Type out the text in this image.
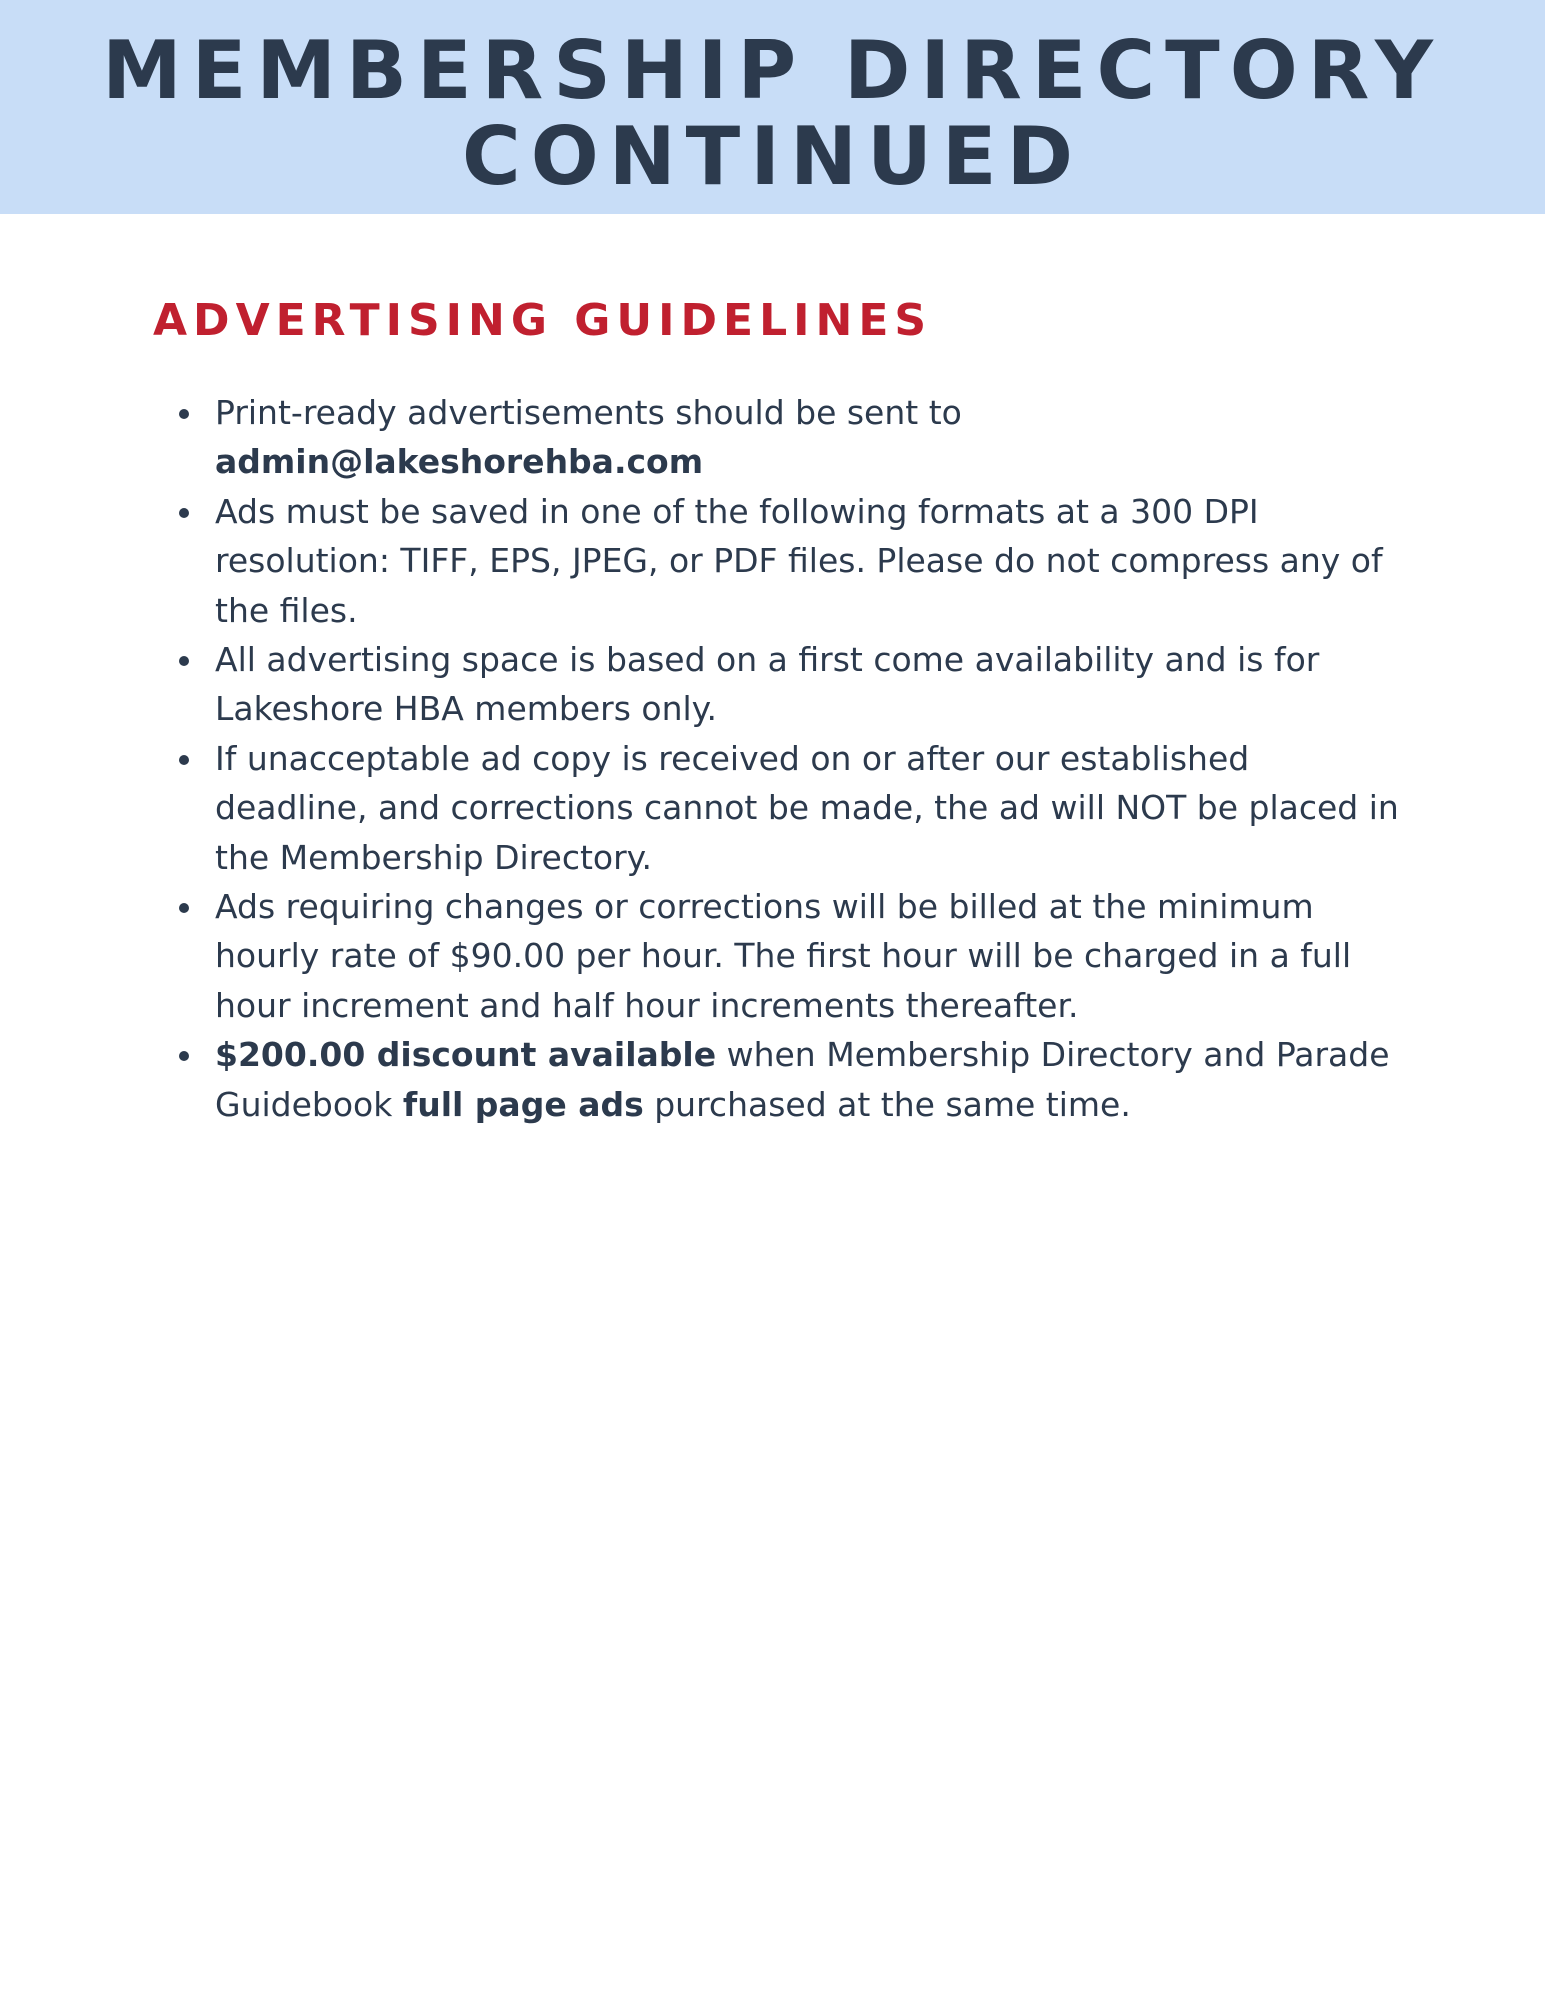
MEMBERSHIP DIRECTORY
CONTINUED
ADVERTISING GUIDELINES
Print-ready advertisements should be sent to
admin@lakeshorehba.com
Ads must be saved in one of the following formats at a 300 DPI resolution: TIFF, EPS, JPEG, or PDF files. Please do not compress any of the files.
All advertising space is based on a first come availability and is for Lakeshore HBA members only.
If unacceptable ad copy is received on or after our established deadline, and corrections cannot be made, the ad will NOT be placed in the Membership Directory.
Ads requiring changes or corrections will be billed at the minimum hourly rate of $90.00 per hour. The first hour will be charged in a full hour increment and half hour increments thereafter.
$200.00 discount available when Membership Directory and Parade Guidebook full page ads purchased at the same time.
